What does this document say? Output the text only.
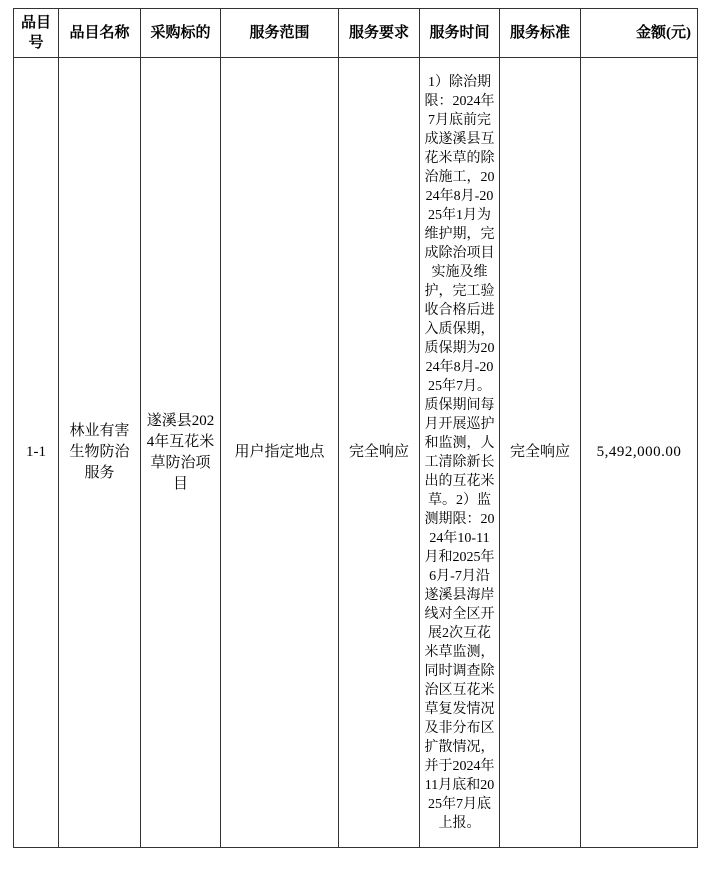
品目号	品目名称	采购标的	服务范围	服务要求	服务时间	服务标准	金额(元)
1-1	林业有害生物防治服务	遂溪县2024年互花米草防治项目	用户指定地点	完全响应	1）除治期限：2024年7月底前完成遂溪县互花米草的除治施工，2024年8月-2025年1月为维护期，完成除治项目实施及维护，完工验收合格后进入质保期，质保期为2024年8月-2025年7月。质保期间每月开展巡护和监测，人工清除新长出的互花米草。2）监测期限：2024年10-11月和2025年6月-7月沿遂溪县海岸线对全区开展2次互花米草监测，同时调查除治区互花米草复发情况及非分布区扩散情况，并于2024年11月底和2025年7月底上报。	完全响应	5,492,000.00
